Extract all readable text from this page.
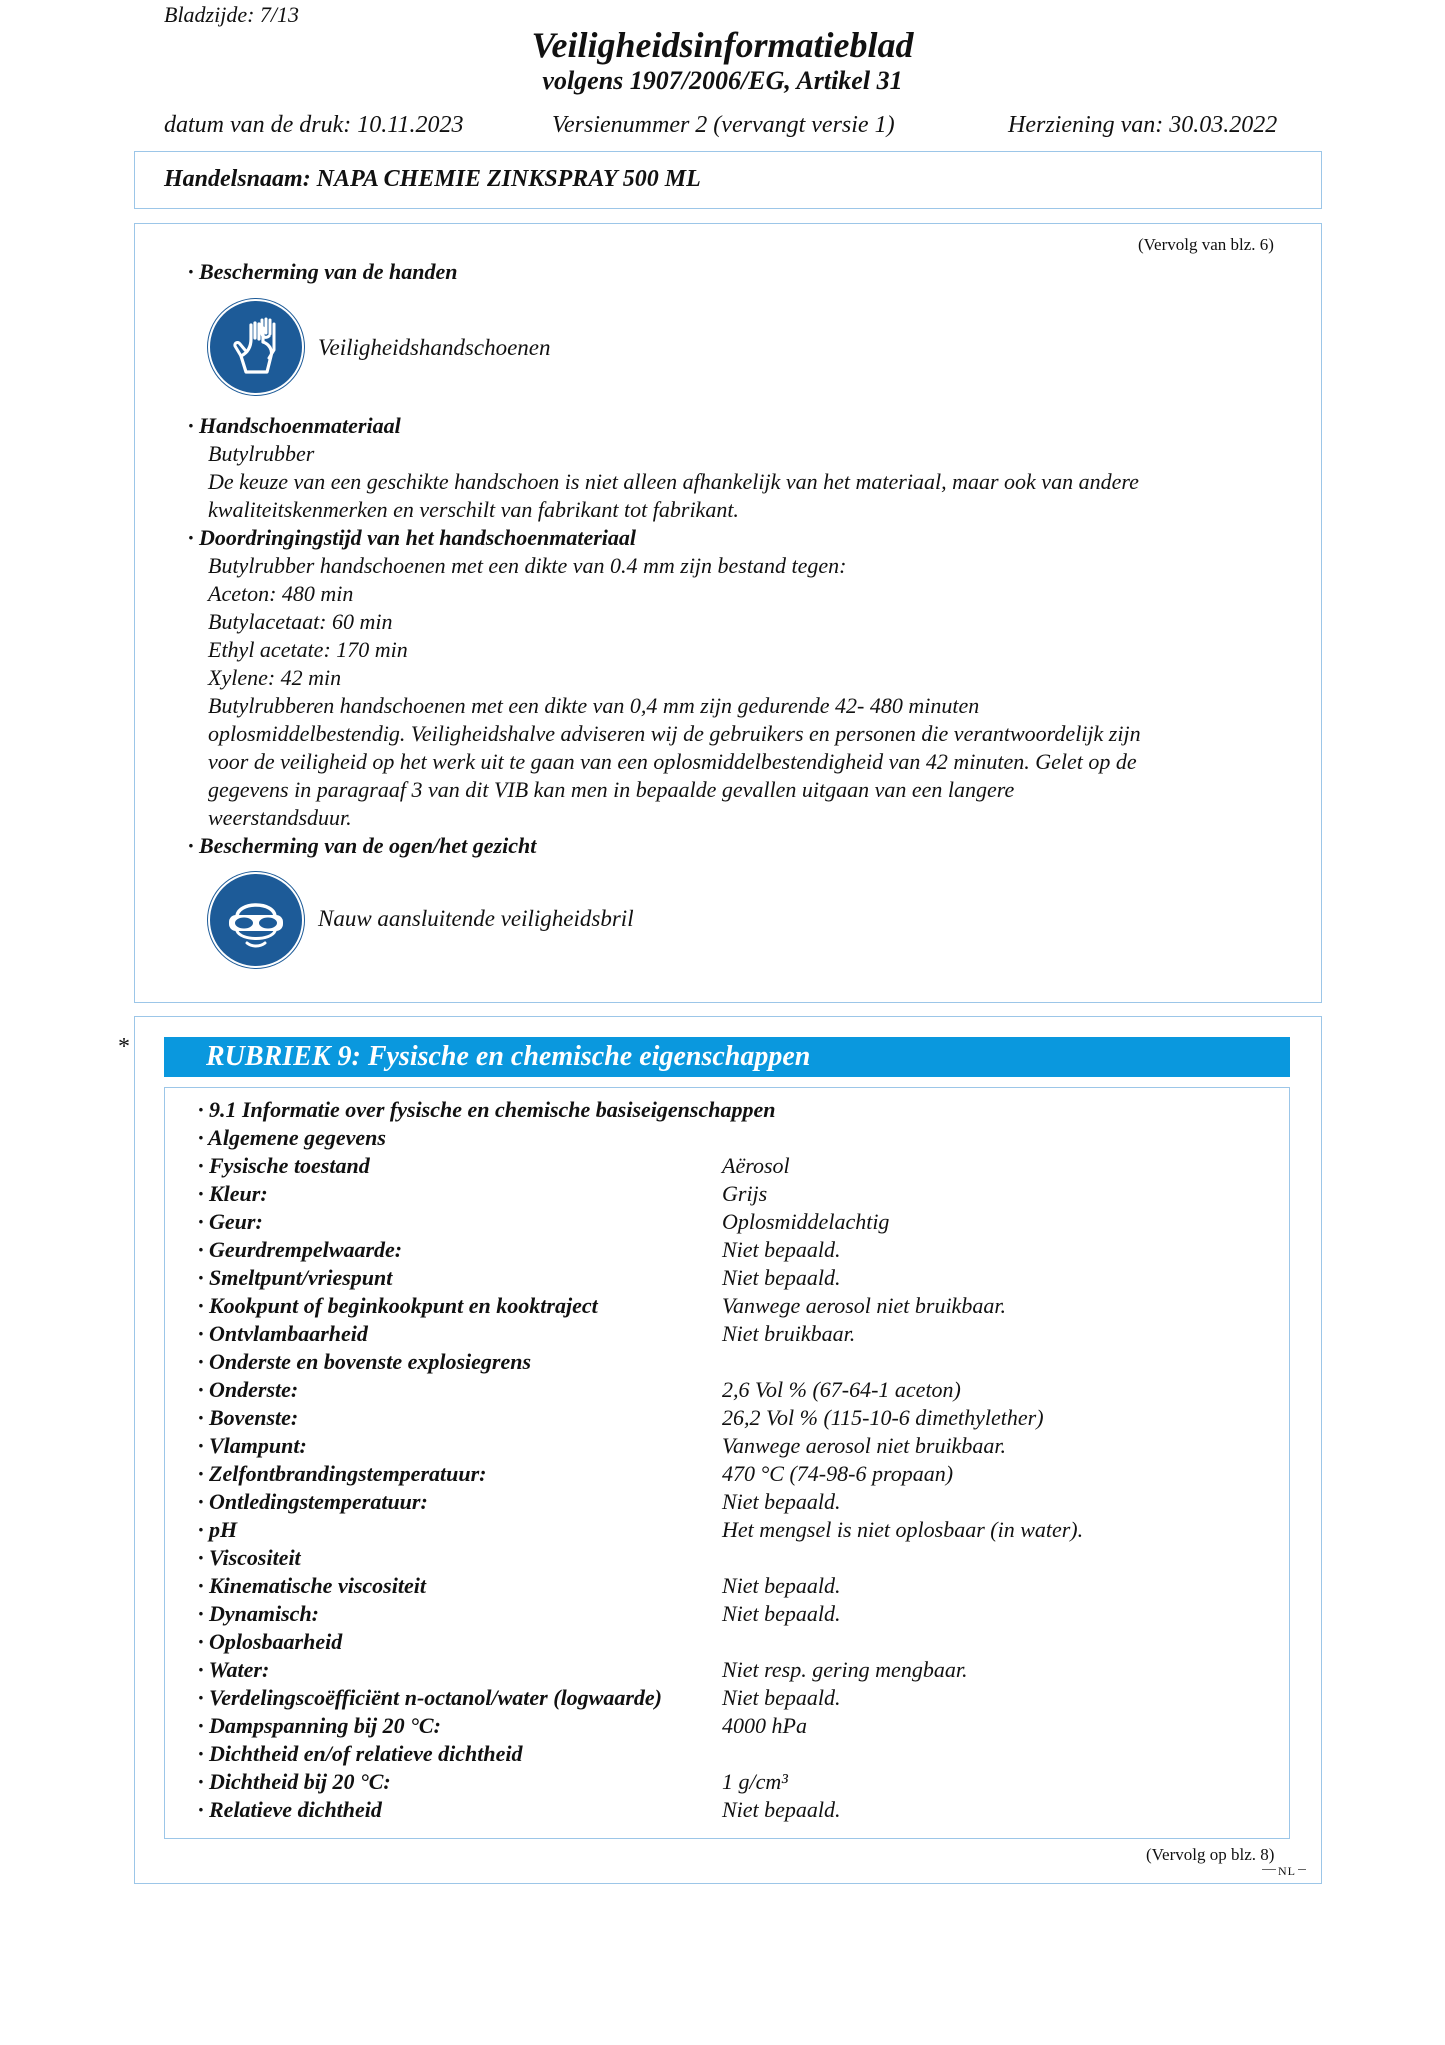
Bladzijde: 7/13
Veiligheidsinformatieblad
volgens 1907/2006/EG, Artikel 31
datum van de druk: 10.11.2023	Versienummer 2 (vervangt versie 1)	Herziening van: 30.03.2022
Handelsnaam: NAPA CHEMIE ZINKSPRAY 500 ML
(Vervolg van blz. 6)
· Bescherming van de handen
Veiligheidshandschoenen
· Handschoenmateriaal
Butylrubber
De keuze van een geschikte handschoen is niet alleen afhankelijk van het materiaal, maar ook van andere
kwaliteitskenmerken en verschilt van fabrikant tot fabrikant.
· Doordringingstijd van het handschoenmateriaal
Butylrubber handschoenen met een dikte van 0.4 mm zijn bestand tegen:
Aceton: 480 min
Butylacetaat: 60 min
Ethyl acetate: 170 min
Xylene: 42 min
Butylrubberen handschoenen met een dikte van 0,4 mm zijn gedurende 42- 480 minuten
oplosmiddelbestendig. Veiligheidshalve adviseren wij de gebruikers en personen die verantwoordelijk zijn
voor de veiligheid op het werk uit te gaan van een oplosmiddelbestendigheid van 42 minuten. Gelet op de
gegevens in paragraaf 3 van dit VIB kan men in bepaalde gevallen uitgaan van een langere
weerstandsduur.
· Bescherming van de ogen/het gezicht
Nauw aansluitende veiligheidsbril
*	RUBRIEK 9: Fysische en chemische eigenschappen
· 9.1 Informatie over fysische en chemische basiseigenschappen
· Algemene gegevens
· Fysische toestand	Aërosol
· Kleur:	Grijs
· Geur:	Oplosmiddelachtig
· Geurdrempelwaarde:	Niet bepaald.
· Smeltpunt/vriespunt	Niet bepaald.
· Kookpunt of beginkookpunt en kooktraject	Vanwege aerosol niet bruikbaar.
· Ontvlambaarheid	Niet bruikbaar.
· Onderste en bovenste explosiegrens
· Onderste:	2,6 Vol % (67-64-1 aceton)
· Bovenste:	26,2 Vol % (115-10-6 dimethylether)
· Vlampunt:	Vanwege aerosol niet bruikbaar.
· Zelfontbrandingstemperatuur:	470 °C (74-98-6 propaan)
· Ontledingstemperatuur:	Niet bepaald.
· pH	Het mengsel is niet oplosbaar (in water).
· Viscositeit
· Kinematische viscositeit	Niet bepaald.
· Dynamisch:	Niet bepaald.
· Oplosbaarheid
· Water:	Niet resp. gering mengbaar.
· Verdelingscoëfficiënt n-octanol/water (logwaarde)	Niet bepaald.
· Dampspanning bij 20 °C:	4000 hPa
· Dichtheid en/of relatieve dichtheid
· Dichtheid bij 20 °C:	1 g/cm³
· Relatieve dichtheid	Niet bepaald.
(Vervolg op blz. 8)
NL
